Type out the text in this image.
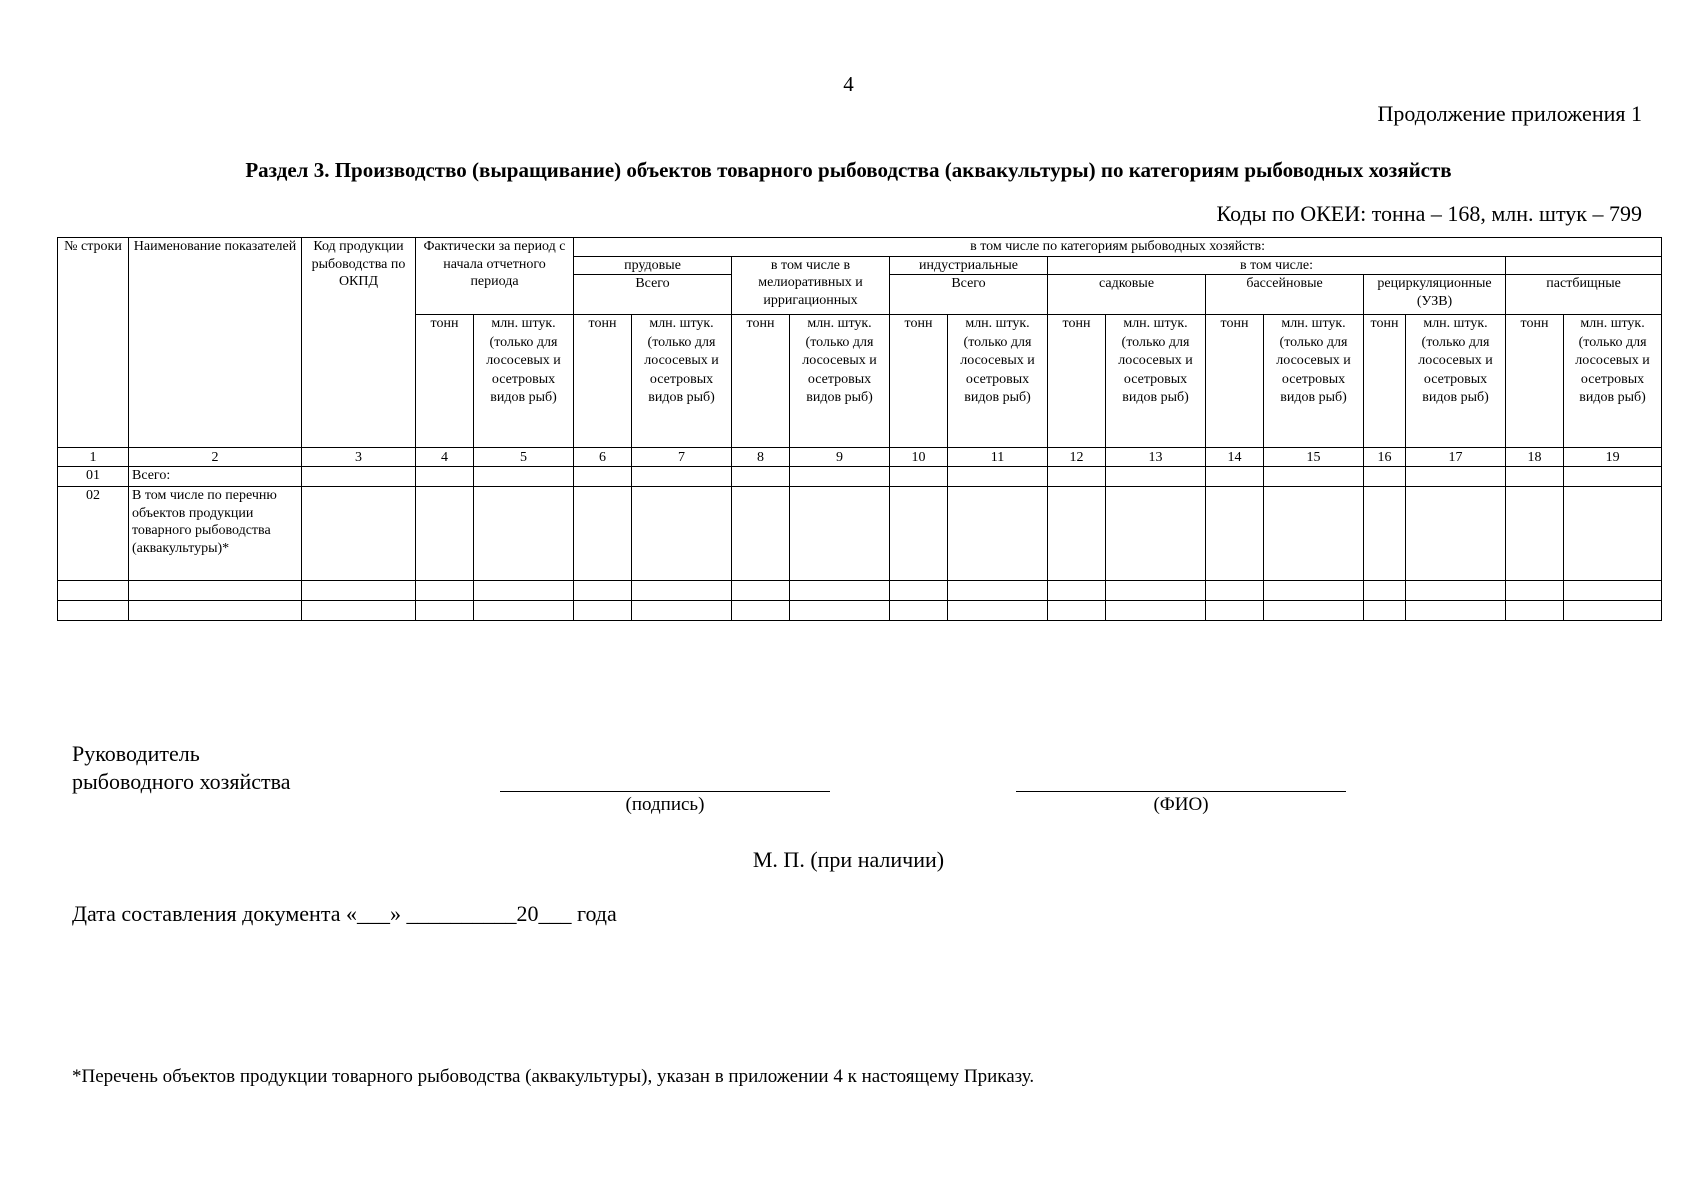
4
Продолжение приложения 1
Раздел 3. Производство (выращивание) объектов товарного рыбоводства (аквакультуры) по категориям рыбоводных хозяйств
Коды по ОКЕИ: тонна – 168, млн. штук – 799
№ строки	Наименование показателей	Код продукции рыбоводства по ОКПД	Фактически за период с начала отчетного периода		в том числе по категориям рыбоводных хозяйств:													
					прудовые		в том числе в мелиоративных и ирригационных		индустриальные		в том числе:							
					Всего				Всего		садковые		бассейновые		рециркуляционные (УЗВ)		пастбищные	
			тонн	млн. штук. (только для лососевых и осетровых видов рыб)	тонн	млн. штук. (только для лососевых и осетровых видов рыб)	тонн	млн. штук. (только для лососевых и осетровых видов рыб)	тонн	млн. штук. (только для лососевых и осетровых видов рыб)	тонн	млн. штук. (только для лососевых и осетровых видов рыб)	тонн	млн. штук. (только для лососевых и осетровых видов рыб)	тонн	млн. штук. (только для лососевых и осетровых видов рыб)	тонн	млн. штук. (только для лососевых и осетровых видов рыб)

1	2	3	4	5	6	7	8	9	10	11	12	13	14	15	16	17	18	19
01	Всего:																	
02	В том числе по перечню объектов продукции товарного рыбоводства (аквакультуры)*																	

Руководитель
рыбоводного хозяйства
(подпись)	(ФИО)
М. П. (при наличии)
Дата составления документа «___» __________20___ года
*Перечень объектов продукции товарного рыбоводства (аквакультуры), указан в приложении 4 к настоящему Приказу.
